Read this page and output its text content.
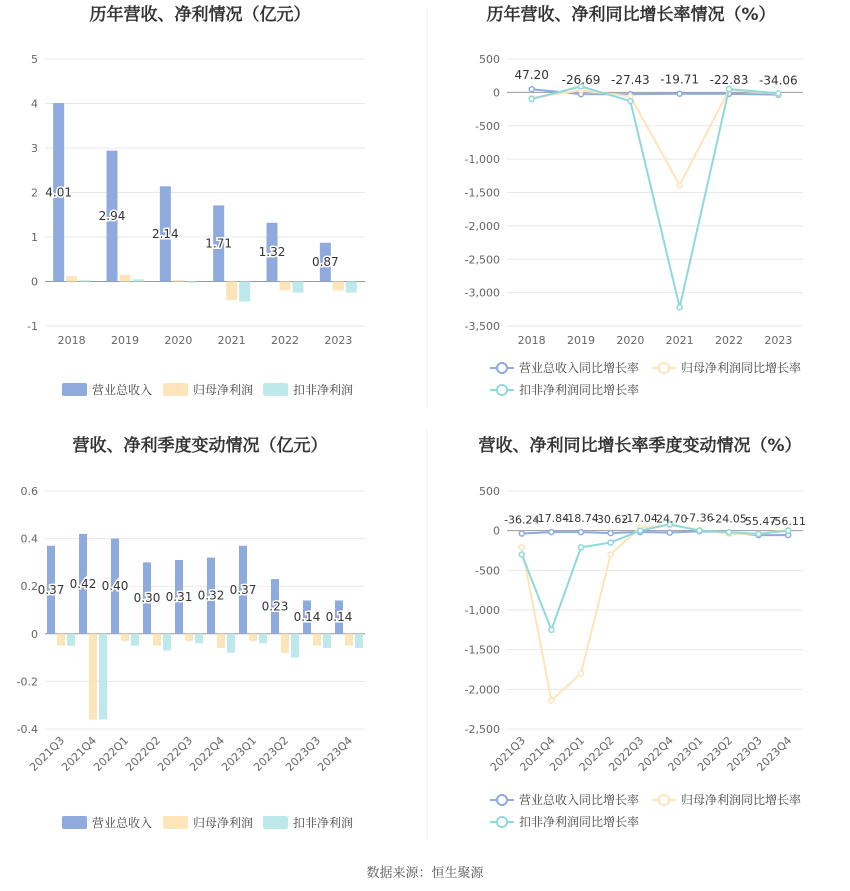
历年营收、净利情况（亿元）
5
4
3
2
1
0
-1
2018 2019 2020 2021 2022 2023
4.01
2.94
2.14
1.71
1.32
0.87
营业总收入	归母净利润	扣非净利润
历年营收、净利同比增长率情况（%）
500
0
-500
-1,000
-1,500
-2,000
-2,500
-3,000
-3,500
2018 2019 2020 2021 2022 2023
47.20 -26.69 -27.43 -19.71 -22.83 -34.06
营业总收入同比增长率	归母净利润同比增长率
扣非净利润同比增长率
营收、净利季度变动情况（亿元）
0.6
0.4
0.2
0
-0.2
-0.4
2021Q3
2021Q4
2022Q1
2022Q2
2022Q3
2022Q4
2023Q1
2023Q2
2023Q3
2023Q4
0.37 0.42 0.40
0.30 0.31 0.32 0.37
0.23
0.14 0.14
营业总收入	归母净利润	扣非净利润
营收、净利同比增长率季度变动情况（%）
500
0
-500
-1,000
-1,500
-2,000
-2,500
2021Q3
2021Q4
2022Q1
2022Q2
2022Q3
2022Q4
2023Q1
2023Q2
2023Q3
2023Q4
-36.24
-17.84
-18.74
-30.62
-17.04
-24.70
-7.36
-24.05
-55.47
-56.11
营业总收入同比增长率	归母净利润同比增长率
扣非净利润同比增长率
数据来源：恒生聚源
